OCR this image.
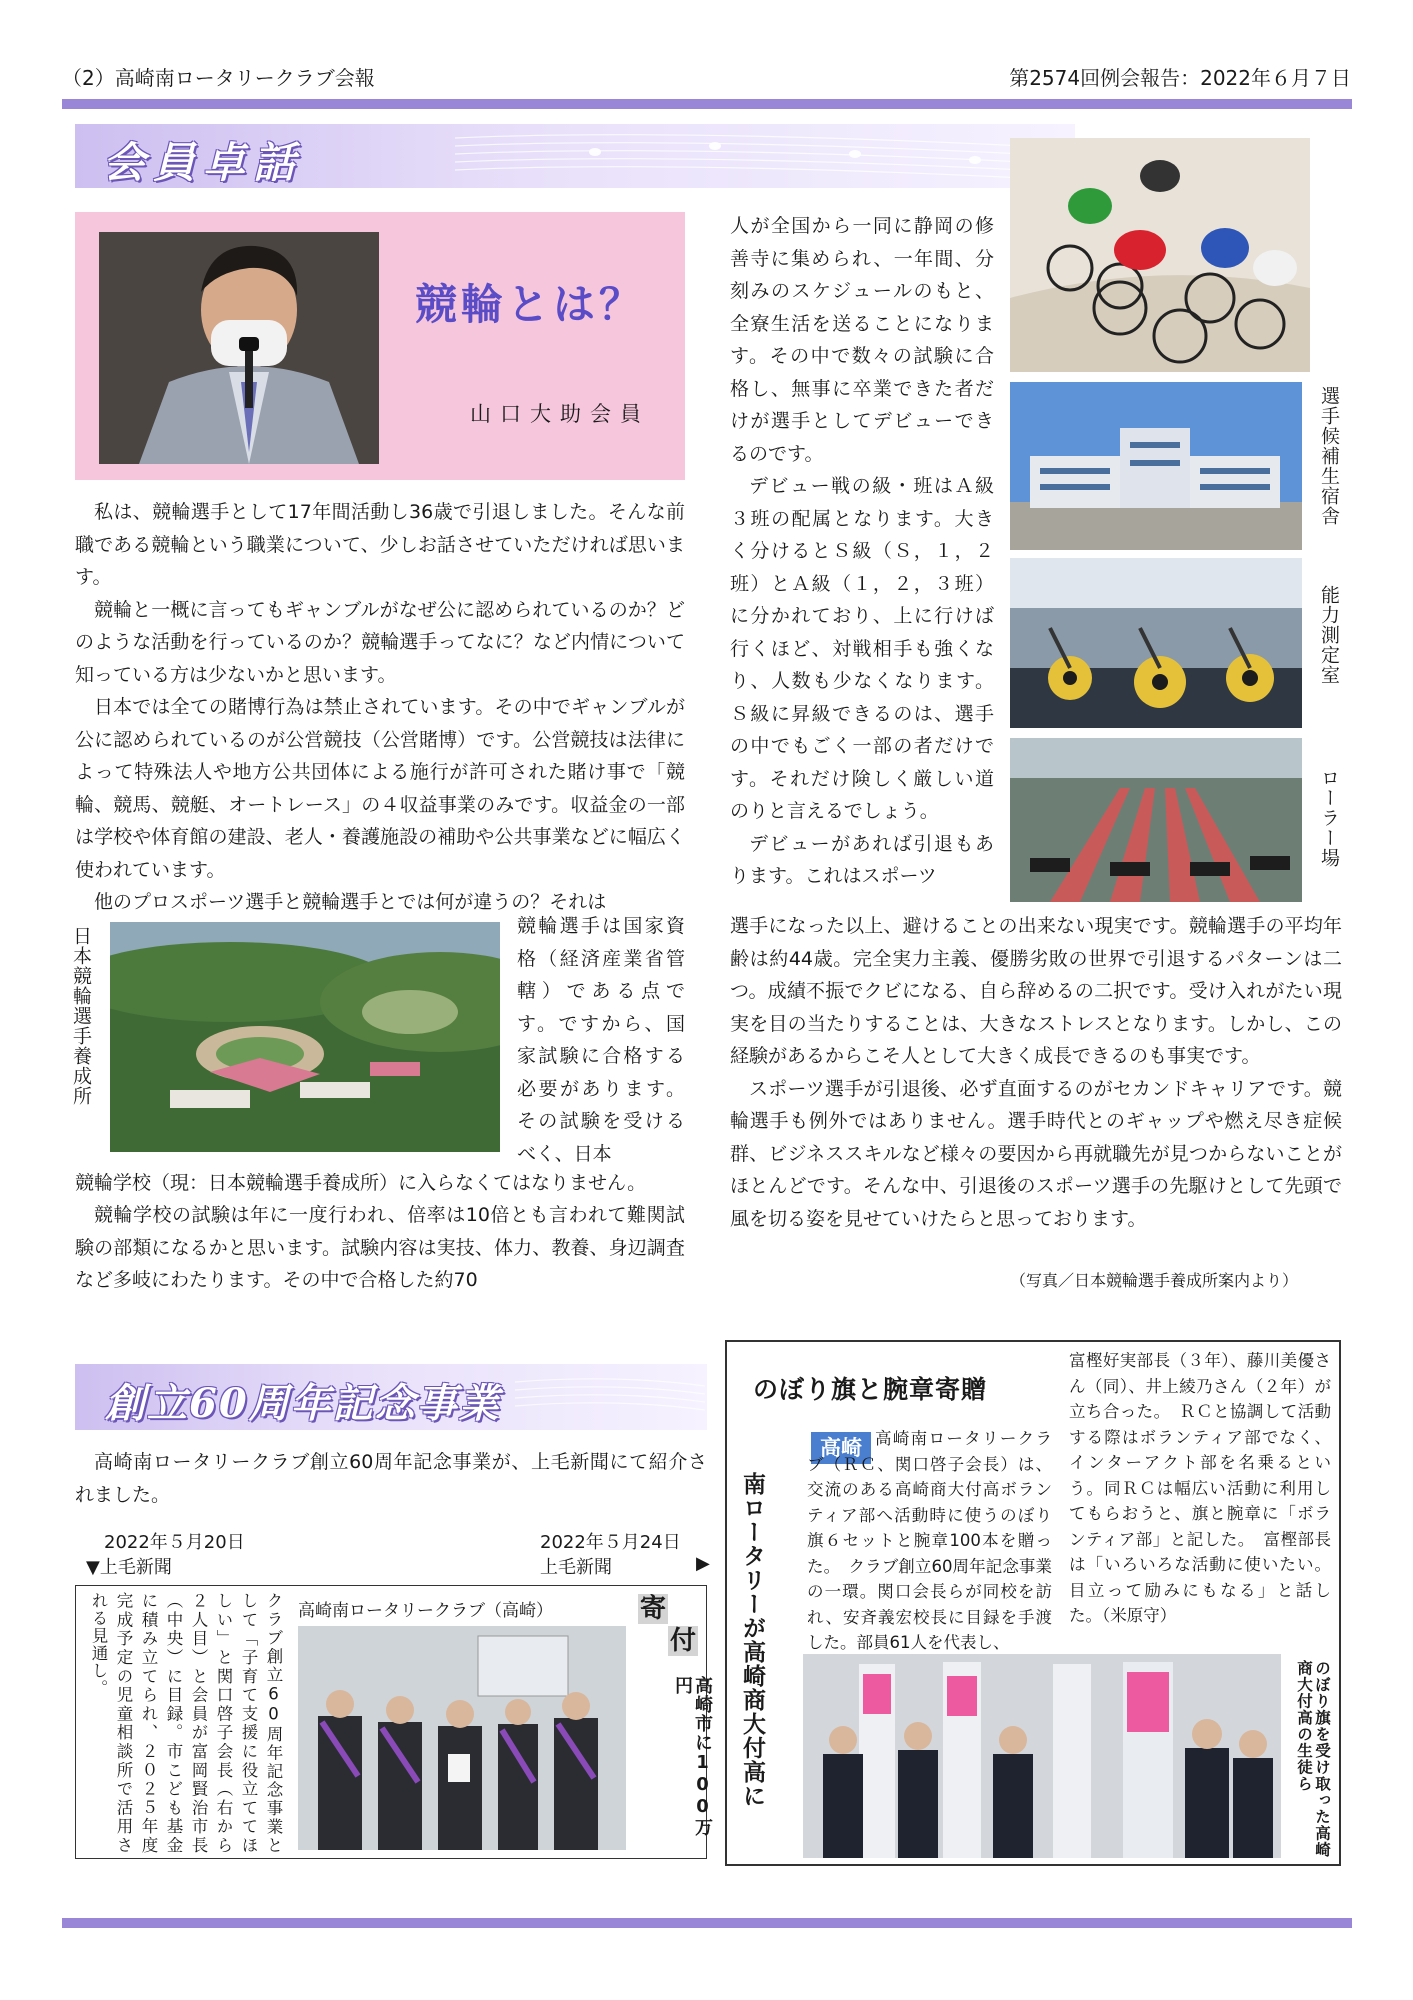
（2）高崎南ロータリークラブ会報	第2574回例会報告：2022年６月７日
会員卓話
競輪とは？
山口大助会員

私は、競輪選手として17年間活動し36歳で引退しました。そんな前職である競輪という職業について、少しお話させていただければ思います。

競輪と一概に言ってもギャンブルがなぜ公に認められているのか？どのような活動を行っているのか？競輪選手ってなに？など内情について知っている方は少ないかと思います。

日本では全ての賭博行為は禁止されています。その中でギャンブルが公に認められているのが公営競技（公営賭博）です。公営競技は法律によって特殊法人や地方公共団体による施行が許可された賭け事で「競輪、競馬、競艇、オートレース」の４収益事業のみです。収益金の一部は学校や体育館の建設、老人・養護施設の補助や公共事業などに幅広く使われています。

他のプロスポーツ選手と競輪選手とでは何が違うの？それは

日本競輪選手養成所	競輪選手は国家資格（経済産業省管轄）である点です。ですから、国家試験に合格する必要があります。その試験を受けるべく、日本
競輪学校（現：日本競輪選手養成所）に入らなくてはなりません。
競輪学校の試験は年に一度行われ、倍率は10倍とも言われて難関試験の部類になるかと思います。試験内容は実技、体力、教養、身辺調査など多岐にわたります。その中で合格した約70

人が全国から一同に静岡の修善寺に集められ、一年間、分刻みのスケジュールのもと、全寮生活を送ることになります。その中で数々の試験に合格し、無事に卒業できた者だけが選手としてデビューできるのです。

デビュー戦の級・班はＡ級３班の配属となります。大きく分けるとＳ級（Ｓ，１，２班）とＡ級（１，２，３班）に分かれており、上に行けば行くほど、対戦相手も強くなり、人数も少なくなります。Ｓ級に昇級できるのは、選手の中でもごく一部の者だけです。それだけ険しく厳しい道のりと言えるでしょう。

デビューがあれば引退もあります。これはスポーツ

選手候補生宿舎
能力測定室
ローラー場

選手になった以上、避けることの出来ない現実です。競輪選手の平均年齢は約44歳。完全実力主義、優勝劣敗の世界で引退するパターンは二つ。成績不振でクビになる、自ら辞めるの二択です。受け入れがたい現実を目の当たりすることは、大きなストレスとなります。しかし、この経験があるからこそ人として大きく成長できるのも事実です。

スポーツ選手が引退後、必ず直面するのがセカンドキャリアです。競輪選手も例外ではありません。選手時代とのギャップや燃え尽き症候群、ビジネススキルなど様々の要因から再就職先が見つからないことがほとんどです。そんな中、引退後のスポーツ選手の先駆けとして先頭で風を切る姿を見せていけたらと思っております。

（写真／日本競輪選手養成所案内より）
創立60周年記念事業
高崎南ロータリークラブ創立60周年記念事業が、上毛新聞にて紹介されました。
2022年５月20日
▼上毛新聞
2022年５月24日
上毛新聞	▶
クラブ創立60周年記念事業として「子育て支援に役立ててほしい」と関口啓子会長（右から２人目）と会員が富岡賢治市長（中央）に目録。市こども基金に積み立てられ、２０２５年度完成予定の児童相談所で活用される見通し。	高崎南ロータリークラブ（高崎）	寄
付
高崎市に100万円
のぼり旗と腕章寄贈
南ロータリーが高崎商大付高に
高崎 高崎南ロータリークラブ（ＲＣ、関口啓子会長）は、交流のある高崎商大付高ボランティア部へ活動時に使うのぼり旗６セットと腕章100本を贈った。　クラブ創立60周年記念事業の一環。関口会長らが同校を訪れ、安斉義宏校長に目録を手渡した。部員61人を代表し、
富樫好実部長（３年）、藤川美優さん（同）、井上綾乃さん（２年）が立ち合った。　ＲＣと協調して活動する際はボランティア部でなく、インターアクト部を名乗るという。同ＲＣは幅広い活動に利用してもらおうと、旗と腕章に「ボランティア部」と記した。　富樫部長は「いろいろな活動に使いたい。目立って励みにもなる」と話した。（米原守）
のぼり旗を受け取った高崎商大付高の生徒ら
